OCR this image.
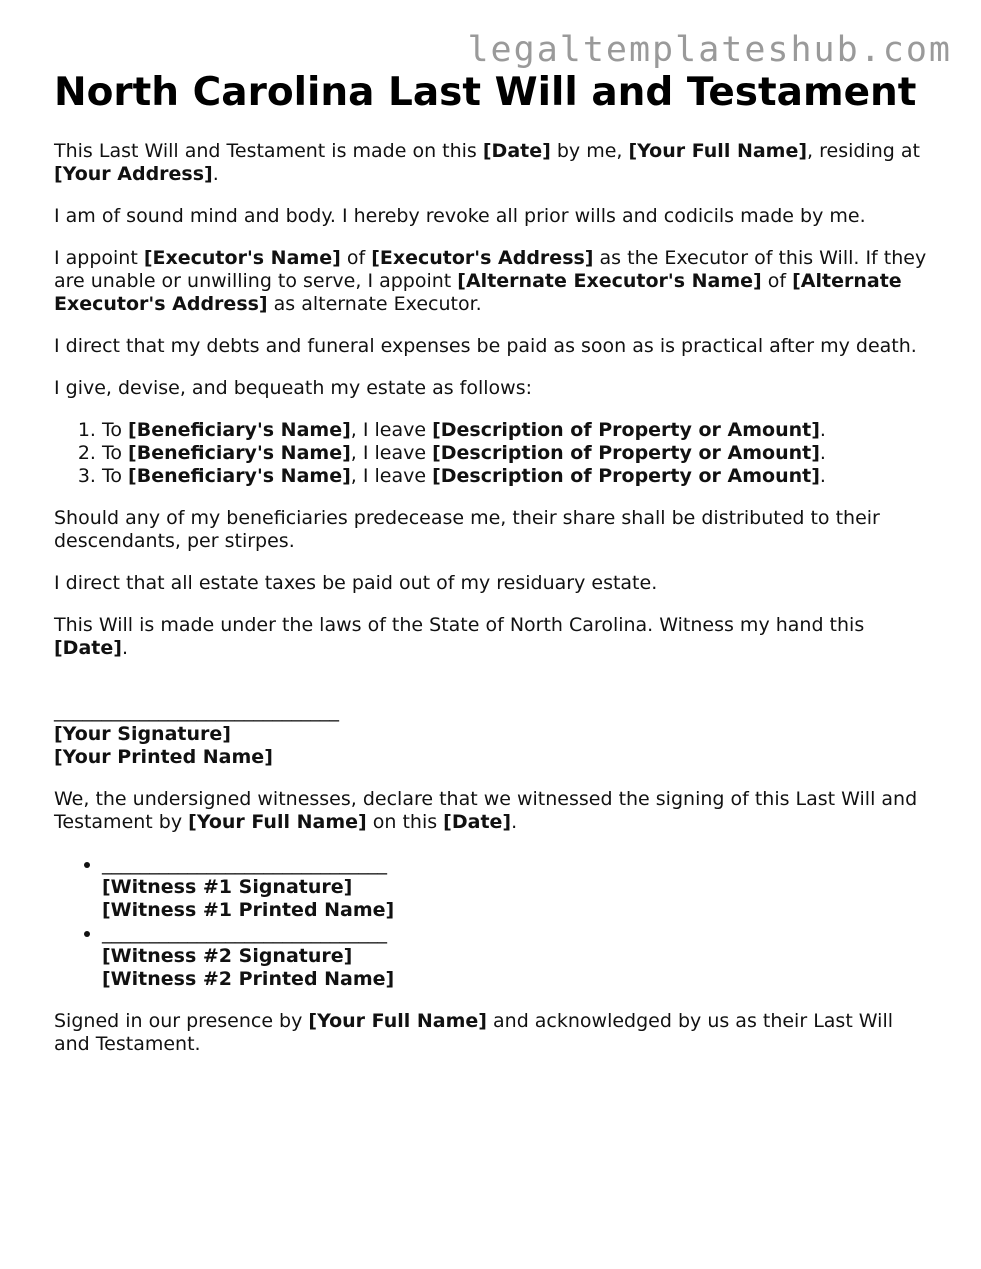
legaltemplateshub.com
North Carolina Last Will and Testament

This Last Will and Testament is made on this [Date] by me, [Your Full Name], residing at [Your Address].

I am of sound mind and body. I hereby revoke all prior wills and codicils made by me.

I appoint [Executor's Name] of [Executor's Address] as the Executor of this Will. If they are unable or unwilling to serve, I appoint [Alternate Executor's Name] of [Alternate Executor's Address] as alternate Executor.

I direct that my debts and funeral expenses be paid as soon as is practical after my death.

I give, devise, and bequeath my estate as follows:

1. To [Beneficiary's Name], I leave [Description of Property or Amount].
2. To [Beneficiary's Name], I leave [Description of Property or Amount].
3. To [Beneficiary's Name], I leave [Description of Property or Amount].

Should any of my beneficiaries predecease me, their share shall be distributed to their descendants, per stirpes.

I direct that all estate taxes be paid out of my residuary estate.

This Will is made under the laws of the State of North Carolina. Witness my hand this [Date].

______________________________
[Your Signature]
[Your Printed Name]

We, the undersigned witnesses, declare that we witnessed the signing of this Last Will and Testament by [Your Full Name] on this [Date].

• ______________________________
[Witness #1 Signature]
[Witness #1 Printed Name]
• ______________________________
[Witness #2 Signature]
[Witness #2 Printed Name]

Signed in our presence by [Your Full Name] and acknowledged by us as their Last Will and Testament.
